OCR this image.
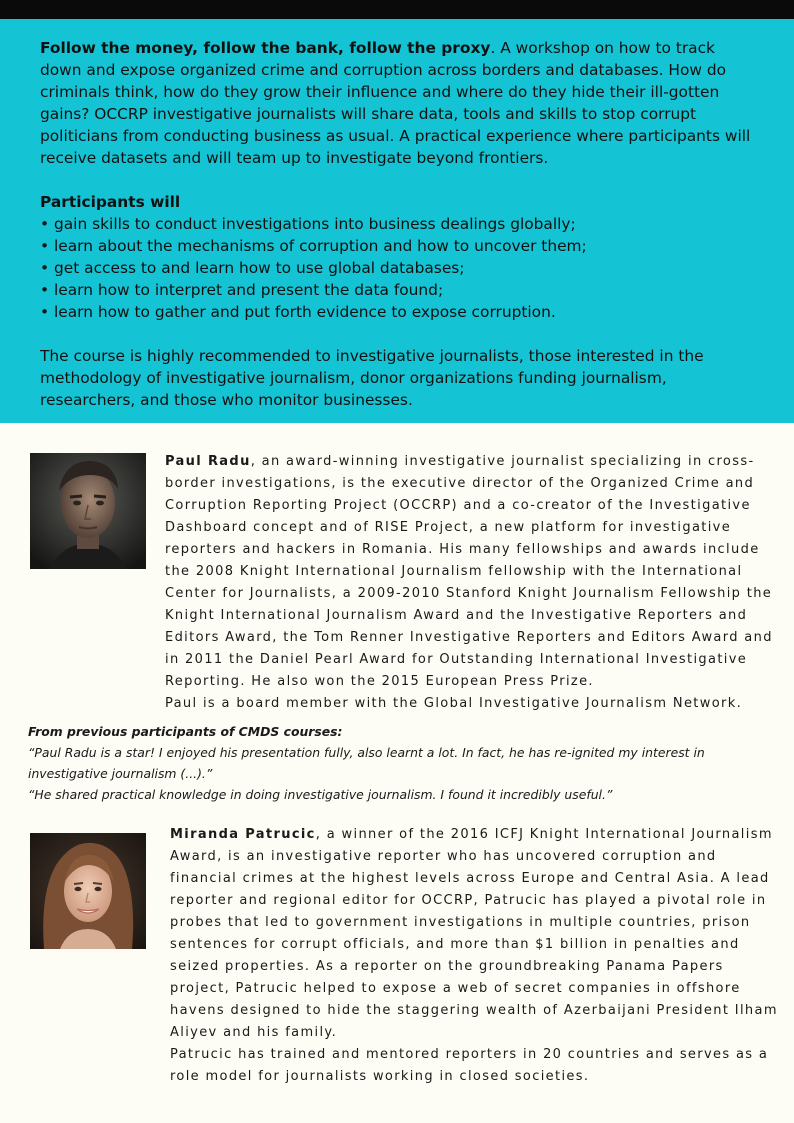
Follow the money, follow the bank, follow the proxy. A workshop on how to track down and expose organized crime and corruption across borders and databases. How do criminals think, how do they grow their influence and where do they hide their ill-gotten gains? OCCRP investigative journalists will share data, tools and skills to stop corrupt politicians from conducting business as usual. A practical experience where participants will receive datasets and will team up to investigate beyond frontiers.

Participants will

• gain skills to conduct investigations into business dealings globally;
• learn about the mechanisms of corruption and how to uncover them;
• get access to and learn how to use global databases;
• learn how to interpret and present the data found;
• learn how to gather and put forth evidence to expose corruption.

The course is highly recommended to investigative journalists, those interested in the methodology of investigative journalism, donor organizations funding journalism, researchers, and those who monitor businesses.

Paul Radu, an award-winning investigative journalist specializing in cross-border investigations, is the executive director of the Organized Crime and Corruption Reporting Project (OCCRP) and a co-creator of the Investigative Dashboard concept and of RISE Project, a new platform for investigative reporters and hackers in Romania. His many fellowships and awards include the 2008 Knight International Journalism fellowship with the International Center for Journalists, a 2009-2010 Stanford Knight Journalism Fellowship the Knight International Journalism Award and the Investigative Reporters and Editors Award, the Tom Renner Investigative Reporters and Editors Award and in 2011 the Daniel Pearl Award for Outstanding International Investigative Reporting. He also won the 2015 European Press Prize.

Paul is a board member with the Global Investigative Journalism Network.

From previous participants of CMDS courses:

“Paul Radu is a star! I enjoyed his presentation fully, also learnt a lot. In fact, he has re-ignited my interest in investigative journalism (...).”

“He shared practical knowledge in doing investigative journalism. I found it incredibly useful.”

Miranda Patrucic, a winner of the 2016 ICFJ Knight International Journalism Award, is an investigative reporter who has uncovered corruption and financial crimes at the highest levels across Europe and Central Asia. A lead reporter and regional editor for OCCRP, Patrucic has played a pivotal role in probes that led to government investigations in multiple countries, prison sentences for corrupt officials, and more than $1 billion in penalties and seized properties. As a reporter on the groundbreaking Panama Papers project, Patrucic helped to expose a web of secret companies in offshore havens designed to hide the staggering wealth of Azerbaijani President Ilham Aliyev and his family.

Patrucic has trained and mentored reporters in 20 countries and serves as a role model for journalists working in closed societies.
